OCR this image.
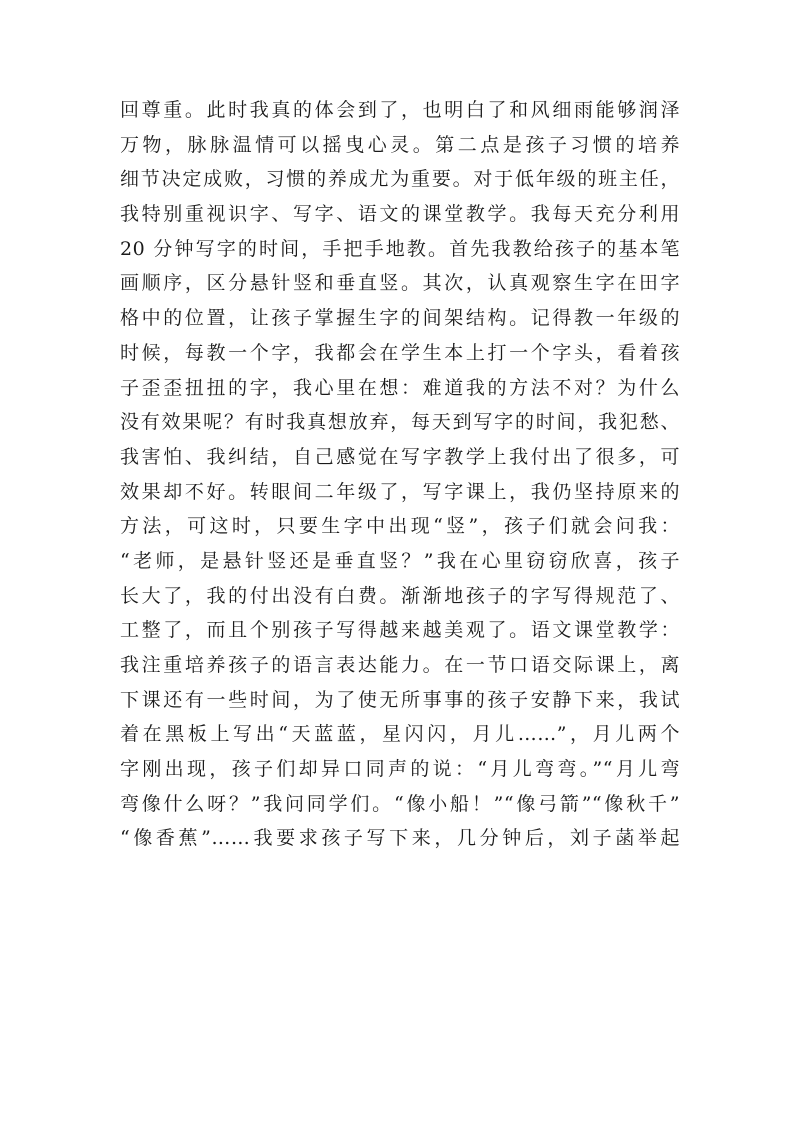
回尊重。此时我真的体会到了，也明白了和风细雨能够润泽
万物，脉脉温情可以摇曳心灵。第二点是孩子习惯的培养
细节决定成败，习惯的养成尤为重要。对于低年级的班主任，
我特别重视识字、写字、语文的课堂教学。我每天充分利用
20 分钟写字的时间，手把手地教。首先我教给孩子的基本笔
画顺序，区分悬针竖和垂直竖。其次，认真观察生字在田字
格中的位置，让孩子掌握生字的间架结构。记得教一年级的
时候，每教一个字，我都会在学生本上打一个字头，看着孩
子歪歪扭扭的字，我心里在想：难道我的方法不对？为什么
没有效果呢？有时我真想放弃，每天到写字的时间，我犯愁、
我害怕、我纠结，自己感觉在写字教学上我付出了很多，可
效果却不好。转眼间二年级了，写字课上，我仍坚持原来的
方法，可这时，只要生字中出现“竖”，孩子们就会问我：
“老师，是悬针竖还是垂直竖？”我在心里窃窃欣喜，孩子
长大了，我的付出没有白费。渐渐地孩子的字写得规范了、
工整了，而且个别孩子写得越来越美观了。语文课堂教学：
我注重培养孩子的语言表达能力。在一节口语交际课上，离
下课还有一些时间，为了使无所事事的孩子安静下来，我试
着在黑板上写出“天蓝蓝，星闪闪，月儿……”，月儿两个
字刚出现，孩子们却异口同声的说：“月儿弯弯。”“月儿弯
弯像什么呀？”我问同学们。“像小船！”“像弓箭”“像秋千”
“像香蕉”……我要求孩子写下来，几分钟后，刘子菡举起
